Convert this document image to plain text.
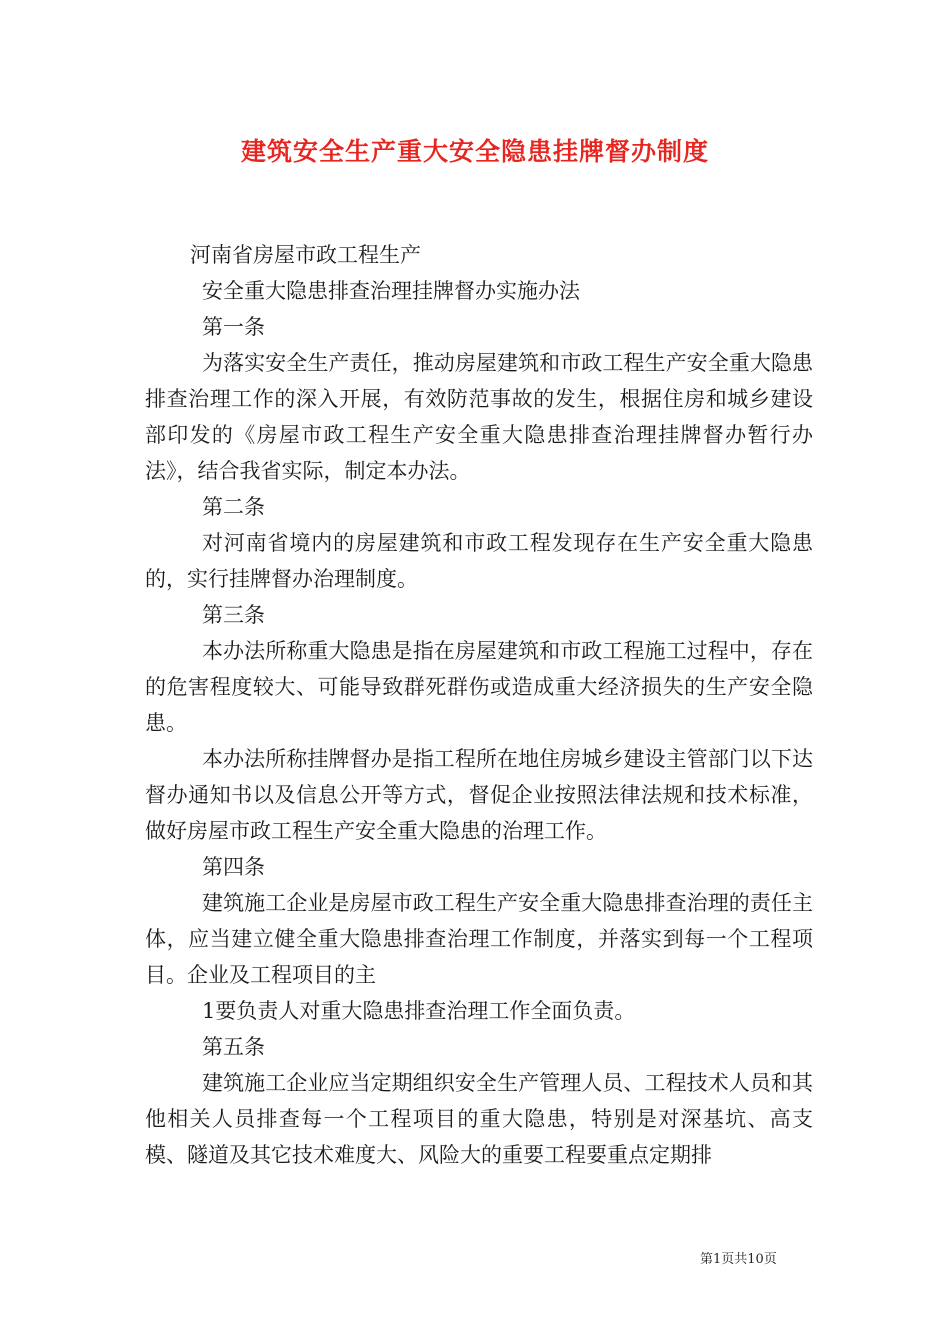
建筑安全生产重大安全隐患挂牌督办制度

河南省房屋市政工程生产

安全重大隐患排查治理挂牌督办实施办法

第一条

为落实安全生产责任，推动房屋建筑和市政工程生产安全重大隐患排查治理工作的深入开展，有效防范事故的发生，根据住房和城乡建设部印发的《房屋市政工程生产安全重大隐患排查治理挂牌督办暂行办法》，结合我省实际，制定本办法。

第二条

对河南省境内的房屋建筑和市政工程发现存在生产安全重大隐患的，实行挂牌督办治理制度。

第三条

本办法所称重大隐患是指在房屋建筑和市政工程施工过程中，存在的危害程度较大、可能导致群死群伤或造成重大经济损失的生产安全隐患。

本办法所称挂牌督办是指工程所在地住房城乡建设主管部门以下达督办通知书以及信息公开等方式，督促企业按照法律法规和技术标准，做好房屋市政工程生产安全重大隐患的治理工作。

第四条

建筑施工企业是房屋市政工程生产安全重大隐患排查治理的责任主体，应当建立健全重大隐患排查治理工作制度，并落实到每一个工程项目。企业及工程项目的主

1要负责人对重大隐患排查治理工作全面负责。

第五条

建筑施工企业应当定期组织安全生产管理人员、工程技术人员和其他相关人员排查每一个工程项目的重大隐患，特别是对深基坑、高支模、隧道及其它技术难度大、风险大的重要工程要重点定期排

第1页共10页
